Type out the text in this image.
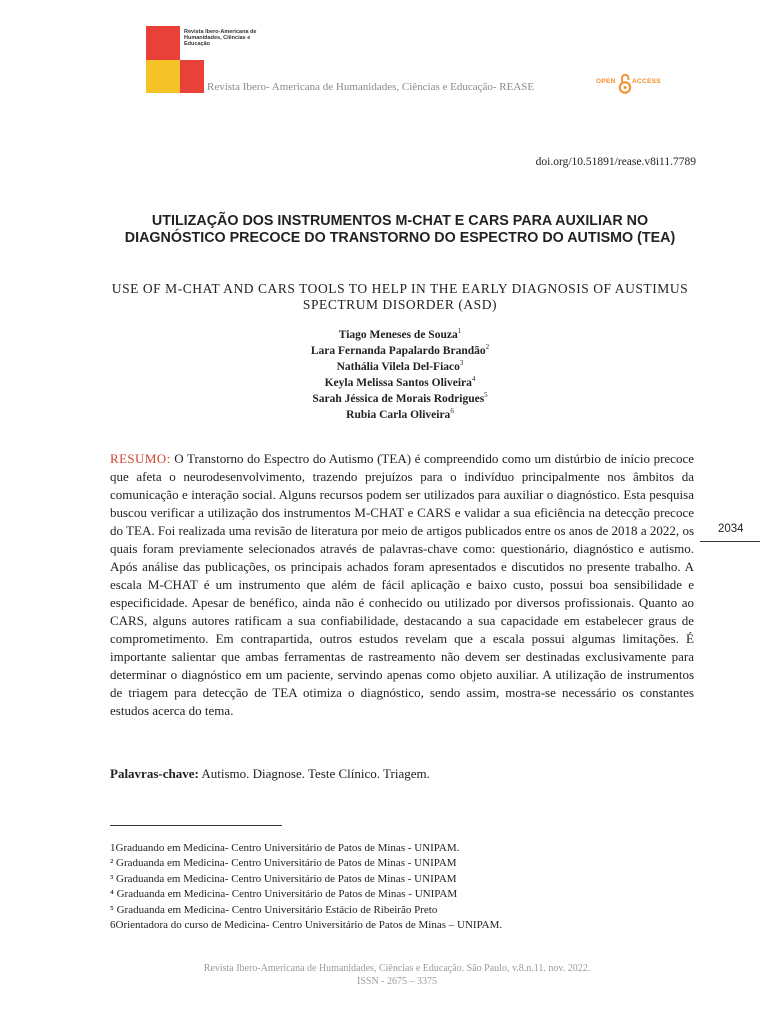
Revista Ibero-Americana de Humanidades, Ciências e Educação
Revista Ibero- Americana de Humanidades, Ciências e Educação- REASE	OPEN	ACCESS
doi.org/10.51891/rease.v8i11.7789
UTILIZAÇÃO DOS INSTRUMENTOS M-CHAT E CARS PARA AUXILIAR NO DIAGNÓSTICO PRECOCE DO TRANSTORNO DO ESPECTRO DO AUTISMO (TEA)
USE OF M-CHAT AND CARS TOOLS TO HELP IN THE EARLY DIAGNOSIS OF AUSTIMUS SPECTRUM DISORDER (ASD)
Tiago Meneses de Souza$^1$
Lara Fernanda Papalardo Brandão$^2$
Nathália Vilela Del-Fiaco$^3$
Keyla Melissa Santos Oliveira$^4$
Sarah Jéssica de Morais Rodrigues$^5$
Rubia Carla Oliveira$^6$
RESUMO: O Transtorno do Espectro do Autismo (TEA) é compreendido como um distúrbio de início precoce que afeta o neurodesenvolvimento, trazendo prejuízos para o indivíduo principalmente nos âmbitos da comunicação e interação social. Alguns recursos podem ser utilizados para auxiliar o diagnóstico. Esta pesquisa buscou verificar a utilização dos instrumentos M-CHAT e CARS e validar a sua eficiência na detecção precoce do TEA. Foi realizada uma revisão de literatura por meio de artigos publicados entre os anos de 2018 a 2022, os quais foram previamente selecionados através de palavras-chave como: questionário, diagnóstico e autismo. Após análise das publicações, os principais achados foram apresentados e discutidos no presente trabalho. A escala M-CHAT é um instrumento que além de fácil aplicação e baixo custo, possui boa sensibilidade e especificidade. Apesar de benéfico, ainda não é conhecido ou utilizado por diversos profissionais. Quanto ao CARS, alguns autores ratificam a sua confiabilidade, destacando a sua capacidade em estabelecer graus de comprometimento. Em contrapartida, outros estudos revelam que a escala possui algumas limitações. É importante salientar que ambas ferramentas de rastreamento não devem ser destinadas exclusivamente para determinar o diagnóstico em um paciente, servindo apenas como objeto auxiliar. A utilização de instrumentos de triagem para detecção de TEA otimiza o diagnóstico, sendo assim, mostra-se necessário os constantes estudos acerca do tema.
Palavras-chave: Autismo. Diagnose. Teste Clínico. Triagem.
2034
1Graduando em Medicina- Centro Universitário de Patos de Minas - UNIPAM.
² Graduanda em Medicina- Centro Universitário de Patos de Minas - UNIPAM
³ Graduanda em Medicina- Centro Universitário de Patos de Minas - UNIPAM
⁴ Graduanda em Medicina- Centro Universitário de Patos de Minas - UNIPAM
⁵ Graduanda em Medicina- Centro Universitário Estácio de Ribeirão Preto
6Orientadora do curso de Medicina- Centro Universitário de Patos de Minas – UNIPAM.
Revista Ibero-Americana de Humanidades, Ciências e Educação. São Paulo, v.8.n.11. nov. 2022.
ISSN - 2675 – 3375
